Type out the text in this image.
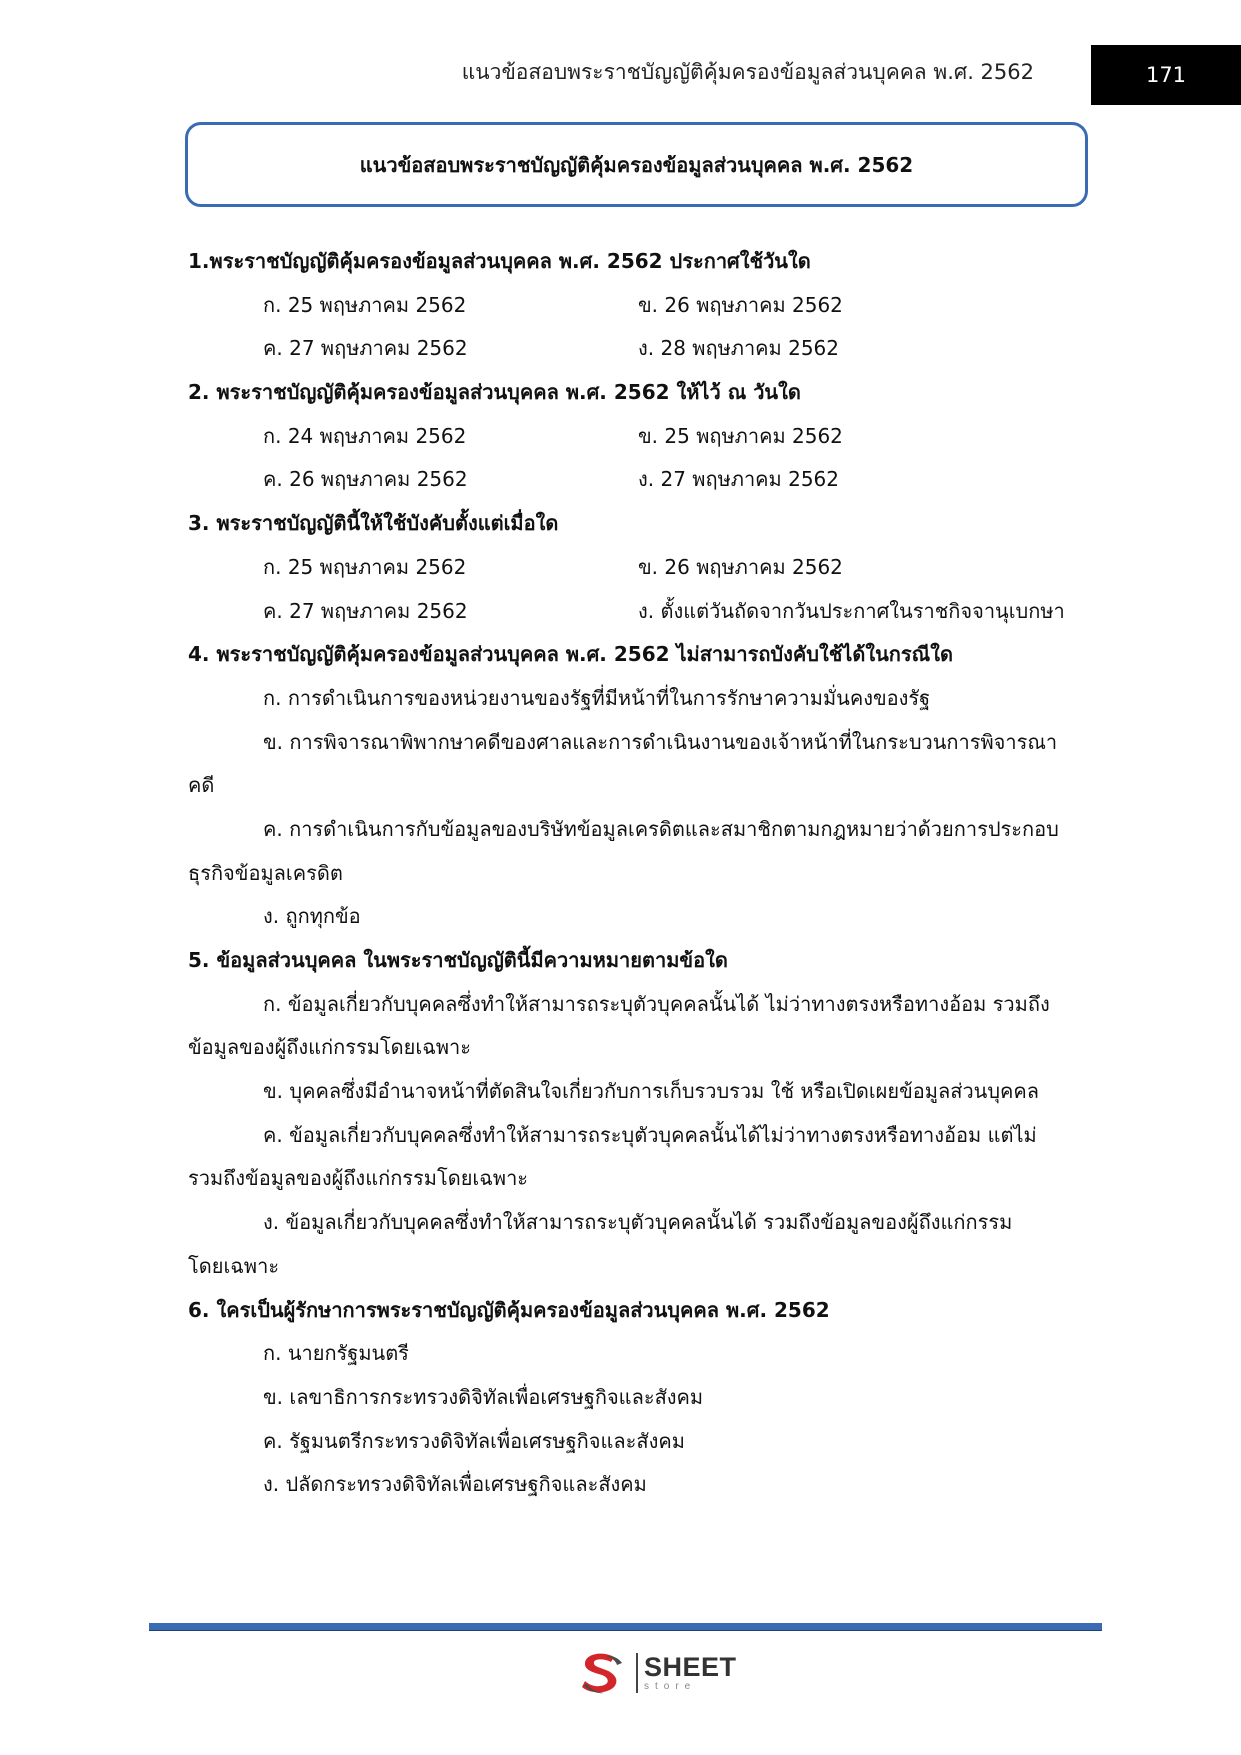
แนวข้อสอบพระราชบัญญัติคุ้มครองข้อมูลส่วนบุคคล พ.ศ. 2562	171
แนวข้อสอบพระราชบัญญัติคุ้มครองข้อมูลส่วนบุคคล พ.ศ. 2562
1.พระราชบัญญัติคุ้มครองข้อมูลส่วนบุคคล พ.ศ. 2562 ประกาศใช้วันใด
ก. 25 พฤษภาคม 2562	ข. 26 พฤษภาคม 2562
ค. 27 พฤษภาคม 2562	ง. 28 พฤษภาคม 2562
2. พระราชบัญญัติคุ้มครองข้อมูลส่วนบุคคล พ.ศ. 2562 ให้ไว้ ณ วันใด
ก. 24 พฤษภาคม 2562	ข. 25 พฤษภาคม 2562
ค. 26 พฤษภาคม 2562	ง. 27 พฤษภาคม 2562
3. พระราชบัญญัตินี้ให้ใช้บังคับตั้งแต่เมื่อใด
ก. 25 พฤษภาคม 2562	ข. 26 พฤษภาคม 2562
ค. 27 พฤษภาคม 2562	ง. ตั้งแต่วันถัดจากวันประกาศในราชกิจจานุเบกษา
4. พระราชบัญญัติคุ้มครองข้อมูลส่วนบุคคล พ.ศ. 2562 ไม่สามารถบังคับใช้ได้ในกรณีใด
ก. การดำเนินการของหน่วยงานของรัฐที่มีหน้าที่ในการรักษาความมั่นคงของรัฐ
ข. การพิจารณาพิพากษาคดีของศาลและการดำเนินงานของเจ้าหน้าที่ในกระบวนการพิจารณา
คดี
ค. การดำเนินการกับข้อมูลของบริษัทข้อมูลเครดิตและสมาชิกตามกฎหมายว่าด้วยการประกอบ
ธุรกิจข้อมูลเครดิต
ง. ถูกทุกข้อ
5. ข้อมูลส่วนบุคคล ในพระราชบัญญัตินี้มีความหมายตามข้อใด
ก. ข้อมูลเกี่ยวกับบุคคลซึ่งทำให้สามารถระบุตัวบุคคลนั้นได้ ไม่ว่าทางตรงหรือทางอ้อม รวมถึง
ข้อมูลของผู้ถึงแก่กรรมโดยเฉพาะ
ข. บุคคลซึ่งมีอำนาจหน้าที่ตัดสินใจเกี่ยวกับการเก็บรวบรวม ใช้ หรือเปิดเผยข้อมูลส่วนบุคคล
ค. ข้อมูลเกี่ยวกับบุคคลซึ่งทำให้สามารถระบุตัวบุคคลนั้นได้ไม่ว่าทางตรงหรือทางอ้อม แต่ไม่
รวมถึงข้อมูลของผู้ถึงแก่กรรมโดยเฉพาะ
ง. ข้อมูลเกี่ยวกับบุคคลซึ่งทำให้สามารถระบุตัวบุคคลนั้นได้ รวมถึงข้อมูลของผู้ถึงแก่กรรม
โดยเฉพาะ
6. ใครเป็นผู้รักษาการพระราชบัญญัติคุ้มครองข้อมูลส่วนบุคคล พ.ศ. 2562
ก. นายกรัฐมนตรี
ข. เลขาธิการกระทรวงดิจิทัลเพื่อเศรษฐกิจและสังคม
ค. รัฐมนตรีกระทรวงดิจิทัลเพื่อเศรษฐกิจและสังคม
ง. ปลัดกระทรวงดิจิทัลเพื่อเศรษฐกิจและสังคม
SHEET
store
